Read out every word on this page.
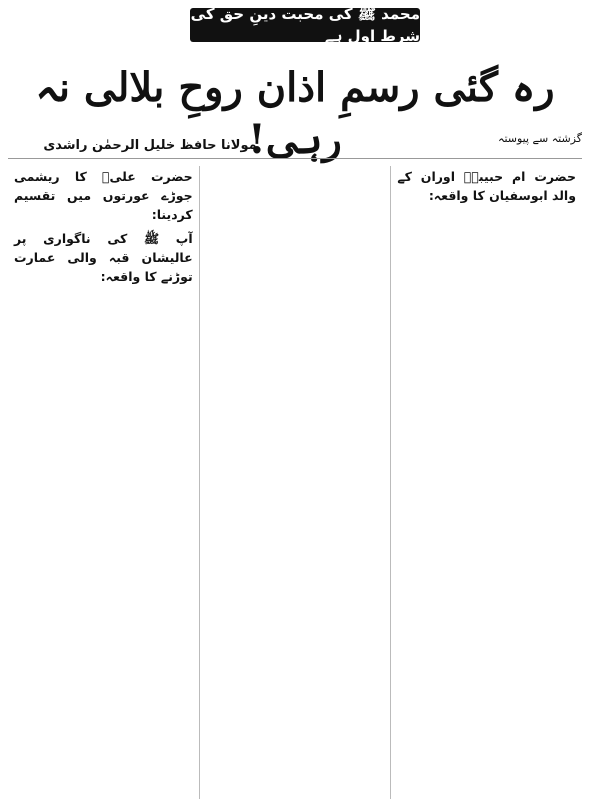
محمد ﷺ کی محبت دینِ حق کی شرطِ اول ہے
رہ گئی رسمِ اذان روحِ بلالی نہ رہی!	گزشتہ سے پیوستہ
مولانا حافظ خلیل الرحمٰن راشدی
حضرت ام حبیبہؓ اوران کے والد ابوسفیان کا واقعہ:

حضرت علیؓ کا ریشمی جوڑے عورتوں میں تقسیم کردینا:

آپ ﷺ کی ناگواری پر عالیشان قبہ والی عمارت توڑنے کا واقعہ:
